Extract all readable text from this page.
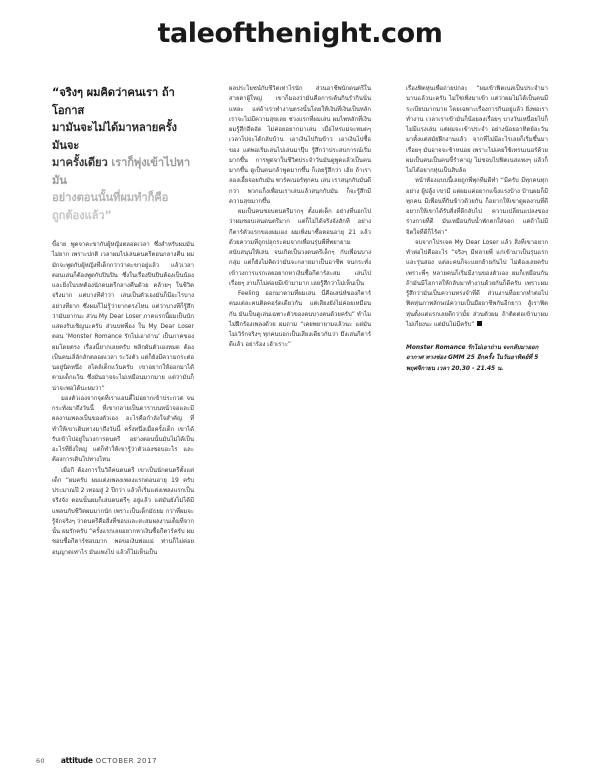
taleofthenight.com
“จริงๆ ผมคิดว่าคนเรา ถ้าโอกาส
มามันจะไม่ได้มาหลายครั้ง มันจะ
มาครั้งเดียว เราก็พุ่งเข้าไปหามัน
อย่างตอนนั้นที่ผมทำก็คือ
ถูกต้องแล้ว”

ขี้อาย พูดจาคะขากับผู้หญิงตลอดเวลา ซึ่งสำหรับผมมันไม่ยาก เพราะปกติ เวลาผมไปเล่นดนตรีตอนกลางคืน ผมมักจะพูดกับผู้หญิงที่เด็กกว่าว่าคะขาอยู่แล้ว แล้วเวลาตอนเล่นก็ต้องพูดกับปินปิน ซึ่งในเรื่องปินปินต้องเป็นน้อง และยิ่งในบทต้องนักดนตรีกลางคืนด้วย คล้ายๆ ในชีวิตจริงมาก แต่บางทีคำว่า เล่นเป็นตัวเองมันก็มีอะไรบางอย่างที่ยาก ซึ่งผมก็ไม่รู้ว่ายากตรงไหน แต่ว่าบางทีก็รู้สึกว่ามันยากนะ ส่วน My Dear Loser ภาคแรกนี้ผมเป็นนักแสดงรับเชิญนะครับ ส่วนบทพี่อง ใน My Dear Loser ตอน ‘Monster Romance รักไม่เอาถ่าน’ เป็นภาคของผมโดยตรง เรื่องนี้ยากเลยครับ พลิกผันตัวเองหมด ต้องเป็นคนเลิ่ลักลักตลอดเวลา ระวังตัว แต่ก็ยังมีความกระต่อนอยู่นิดหนึ่ง สไตล์เด็กแว้นครับ เขาอยากให้ออกมาได้ตามเด็กแว้น ซึ่งมันอาจจะไม่เหมือนมากมาย แต่ว่ามันก็น่าจะพอได้นะผมว่า”

มองตัวเองจากจุดที่เราแอนตี้ไม่อยากเข้าประกวด จนกระทั่งมาถึงวันนี้ ที่เขากลายเป็นดาราบนหน้าจอและมีผลงานเพลงเป็นของตัวเอง อะไรคือกำลังใจสำคัญ ที่ทำให้เขาเดินทางมาถึงวันนี้ ครั้งหนึ่งเมื่อครั้งเด็ก เขาได้รับเข้าไปอยู่ในวงการดนตรี อย่างตอนนั้นมันไม่ได้เป็นอะไรที่ยิ่งใหญ่ แต่ก็ทำให้เขารู้ว่าตัวเองชอบอะไร และต้องการเดินไปทางไหน

เมื่อกี ต้องการในวิถีคนดนตรี เขาเป็นนักดนตรีตั้งแต่เด็ก “ผมครับ ผมแต่งเพลงเพลงแรกตอนอายุ 19 ครับ ประมาณปี 2 เทอมสู่ 2 ปีกว่า แล้วก็เริ่มแต่งเพลงแรกเป็นจริงจัง ตอนนั้นผมก็เล่นดนตรีๆ อยู่แล้ว แต่มันยังไม่ได้มีแพลนกับชีวิตผมมากนัก เพราะเป็นเด็กมัธยม กว่าที่ผมจะรู้จักจริงๆ ว่าดนตรีคือสิ่งที่ชอบและสะสมผลงานเต็มที่จากนั้น ผมรักครับ “ครั้งแรกเลยอยากหาเงินซื้อกีตาร์ครับ ผมชอบซื้อกีตาร์ชอบมาก พอขอเงินพ่อแม่ ท่านก็ไม่ค่อยอนุญาตเท่าไร มันแพงไป แล้วก็ไม่เห็นเป็น

ผลประโยชน์กับชีวิตเท่าไรนัก ส่วนอาชีพนักดนตรีในสายตาผู้ใหญ่ เขาก็มองว่ามันคือการเต้นกินรำกินนั่นแหละ แต่ถ้าเราทำงานตรงนั้นโดยให้เงินที่เงินเป็นหลัก เราจะไม่มีความสุขเลย ช่วงแรกที่ผมเล่น ผมไพหลักที่เงิน ผมรู้สึกอึดอัด ไม่ค่อยอยากมาเล่น เมื่อไหร่แม่จะหมดๆ เวลาไปจะได้กลับบ้าน เอาเงินไปกินข้าว เอาเงินไปซื้อของ แต่พอเริ่มเล่นไปเล่นมาปุ๊บ รู้สึกว่าประสบการณ์เริ่มมากขึ้น การพูดจาในชีวิตประจำวันมันดูพูดแล้วเป็นคนมากขึ้น ดูเป็นคนกล้าพูดมากขึ้น ก็เลยรู้สึกว่า เฮ้ย ถ้าเราลองเฮี้ยจอยกับมัน พาร์คเนอร์ทุกคน เล่น เราสนุกกับมันดีกว่า พวกแก็งเพื่อนเราเล่นแล้วสนุกกับมัน ก็จะรู้สึกมีความสุขมากขึ้น

ผมเป็นคนชอบดนตรีมากๆ ตั้งแต่เด็ก อย่างที่บอกไปว่าผมชอบเล่นดนตรีมาก แต่ก็ไม่ได้จริงจังสักที อย่างกีตาร์ตัวแรกของผมเอง ผมเพิ่งมาซื้อตอนอายุ 21 แล้ว ด้วยความที่ถูกปลุกระดมจากเพื่อนรุ่นพี่ที่พยายามสนับสนุนให้เล่น จนเกิดเป็นวงดนตรีเล็กๆ กับเพื่อนบางกลุ่ม แต่ก็ยังไม่คิดว่ามันจะกลายมาเป็นอาชีพ จนกระทั่งเข้าวงการแรกเลยอยากหาเงินซื้อกีตาร์สะสม เล่นไปเรื่อยๆ งานก็ไม่ค่อยมีเข้ามามาก เลยรู้สึกว่าไม่เห็นเป็น

Feeling ออกมาตามที่ผมเล่น นี่คือเสน่ห์ของกีตาร์ คนแต่ละคนติดคอร์ดเดียวกัน แต่เสียงยังไม่ค่อยเหมือนกัน มันเป็นดูเล่นเฉพาะตัวของคนบางคนด้วยครับ” ทำไมไม่ฝึกร้องเพลงด้วย ผมถาม “เคยพยายามแล้วนะ แต่มันไม่เวิร์กจริงๆ ทุกคนบอกเป็นเสียงเดียวกันว่า มึงเล่นกีตาร์ดีแล้ว อย่าร้อง เฮ้าเราะ”

เรื่องฟิตหุ่นเพื่อถ่ายปกละ “ผมเข้าฟิตเนสเป็นประจำมานานแล้วนะครับ ไม่ใช่เพิ่งมาเข้า แต่ว่าผมไม่ได้เป็นคนมีระเบียบมากมาย โดยเฉพาะเรื่องการกินอยู่แล้ว ยิ่งพอเราทำงาน เวลาเราเข้ามันก็น้อยลงเรื่อยๆ บางวันเหนื่อยไปก็ไม่มีแรงเล่น แต่ผมจะเข้าประจำ อย่างน้อยอาทิตย์ละวันมาตั้งแต่สมัยฝึกงานแล้ว จากที่ไม่มีอะไรเลยก็เริ่มขึ้นมาเรื่อยๆ มันอาจจะช้าหน่อย เพราะไม่เคยใช้เทรนเนอร์ด้วย ผมเป็นคนเป็นคนขี้รำคาญ ไม่ชอบไปฟิตเนสแพงๆ แล้วก็ไม่ได้อยากหุ่นเป็นสิบล้อ

หน้าท้องแบบนี้เลยถูกพี่พุกทีมดีทำ “มีครับ มีทุกคนทุกอย่าง ผู้ปลู้ง เขามี แต่ผมแค่อยากแข็งแรงบ้าง บ้านผมก็มีทุกคน มีเพื่อนที่กินข้าวด้วยกัน ก็อยากให้เขาดูผลงานที่ดี อยากให้เขาได้รับสิ่งที่ดีกลับไป ความเปลี่ยนแปลงของร่างกายที่ดี มันเหมือนกับน้ำพักตกใส่จอก แต่ถ้าไม่มีจิตใจที่ดีก็ไร้ค่า”

จบจากโปรเจค My Dear Loser แล้ว สิ่งที่เขาอยากทำต่อไปคืออะไร “จริงๆ มีหลายพี่ แก่เข้ามาเป็นรุ่นแรกและรุ่นสอง แต่ละคนก็จะแยกย้ายกันไป ไม่ต้องเลยครับ เพราะพี่ๆ หลายคนก็เริ่มมีงานของตัวเอง ผมก็เหมือนกัน ถ้ามันมีโอกาสให้กลับมาทำงานด้วยกันก็ดีครับ เพราะผมรู้สึกว่ามันเป็นความทรงจำที่ดี ส่วนงานที่อยากทำต่อไปฟิตหุ่นภาพลักษณ์ความเป็นมืออาชีพกันอีกยาว สู้เราฟิตหุ่นตั้งแต่แรกเลยดีกว่ามั้ย ส่วนตัวผม ถ้าติดต่อเข้ามาผมไม่เกี่ยงนะ แต่มันไม่มีครับ”

Monster Romance รักไม่เอาถ่าน จะกลับมาออกอากาศ ทางช่อง GMM 25 อีกครั้ง ในวันอาทิตย์ที่ 5 พฤศจิกายน เวลา 20.30 - 21.45 น.

60 attitude OCTOBER 2017
